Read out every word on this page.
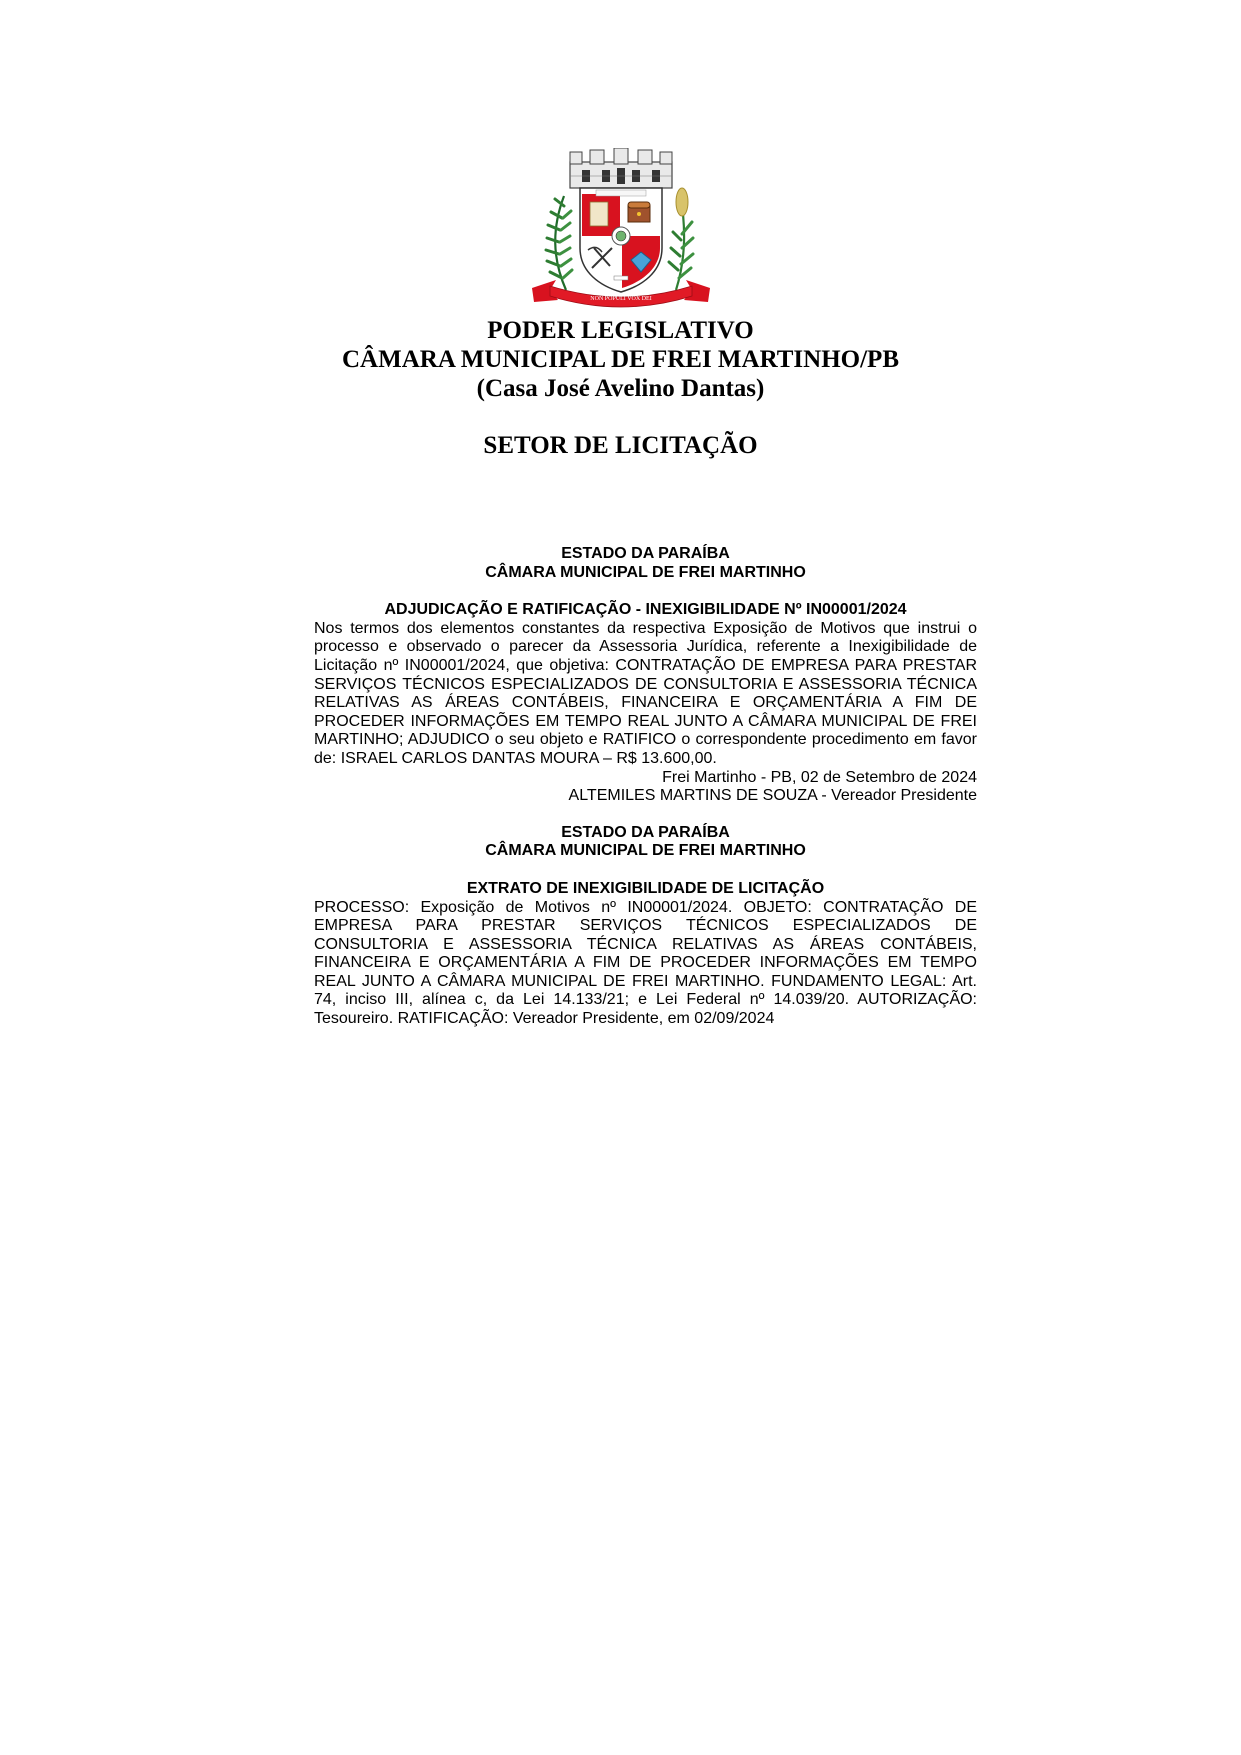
NON POPULI VOX DEI
PODER LEGISLATIVO
CÂMARA MUNICIPAL DE FREI MARTINHO/PB
(Casa José Avelino Dantas)
SETOR DE LICITAÇÃO

ESTADO DA PARAÍBA

CÂMARA MUNICIPAL DE FREI MARTINHO

ADJUDICAÇÃO E RATIFICAÇÃO - INEXIGIBILIDADE Nº IN00001/2024

Nos termos dos elementos constantes da respectiva Exposição de Motivos que instrui o processo e observado o parecer da Assessoria Jurídica, referente a Inexigibilidade de Licitação nº IN00001/2024, que objetiva: CONTRATAÇÃO DE EMPRESA PARA PRESTAR SERVIÇOS TÉCNICOS ESPECIALIZADOS DE CONSULTORIA E ASSESSORIA TÉCNICA RELATIVAS AS ÁREAS CONTÁBEIS, FINANCEIRA E ORÇAMENTÁRIA A FIM DE PROCEDER INFORMAÇÕES EM TEMPO REAL JUNTO A CÂMARA MUNICIPAL DE FREI MARTINHO; ADJUDICO o seu objeto e RATIFICO o correspondente procedimento em favor de: ISRAEL CARLOS DANTAS MOURA – R$ 13.600,00.

Frei Martinho - PB, 02 de Setembro de 2024

ALTEMILES MARTINS DE SOUZA - Vereador Presidente

ESTADO DA PARAÍBA

CÂMARA MUNICIPAL DE FREI MARTINHO

EXTRATO DE INEXIGIBILIDADE DE LICITAÇÃO

PROCESSO: Exposição de Motivos nº IN00001/2024. OBJETO: CONTRATAÇÃO DE EMPRESA PARA PRESTAR SERVIÇOS TÉCNICOS ESPECIALIZADOS DE CONSULTORIA E ASSESSORIA TÉCNICA RELATIVAS AS ÁREAS CONTÁBEIS, FINANCEIRA E ORÇAMENTÁRIA A FIM DE PROCEDER INFORMAÇÕES EM TEMPO REAL JUNTO A CÂMARA MUNICIPAL DE FREI MARTINHO. FUNDAMENTO LEGAL: Art. 74, inciso III, alínea c, da Lei 14.133/21; e Lei Federal nº 14.039/20. AUTORIZAÇÃO: Tesoureiro. RATIFICAÇÃO: Vereador Presidente, em 02/09/2024
